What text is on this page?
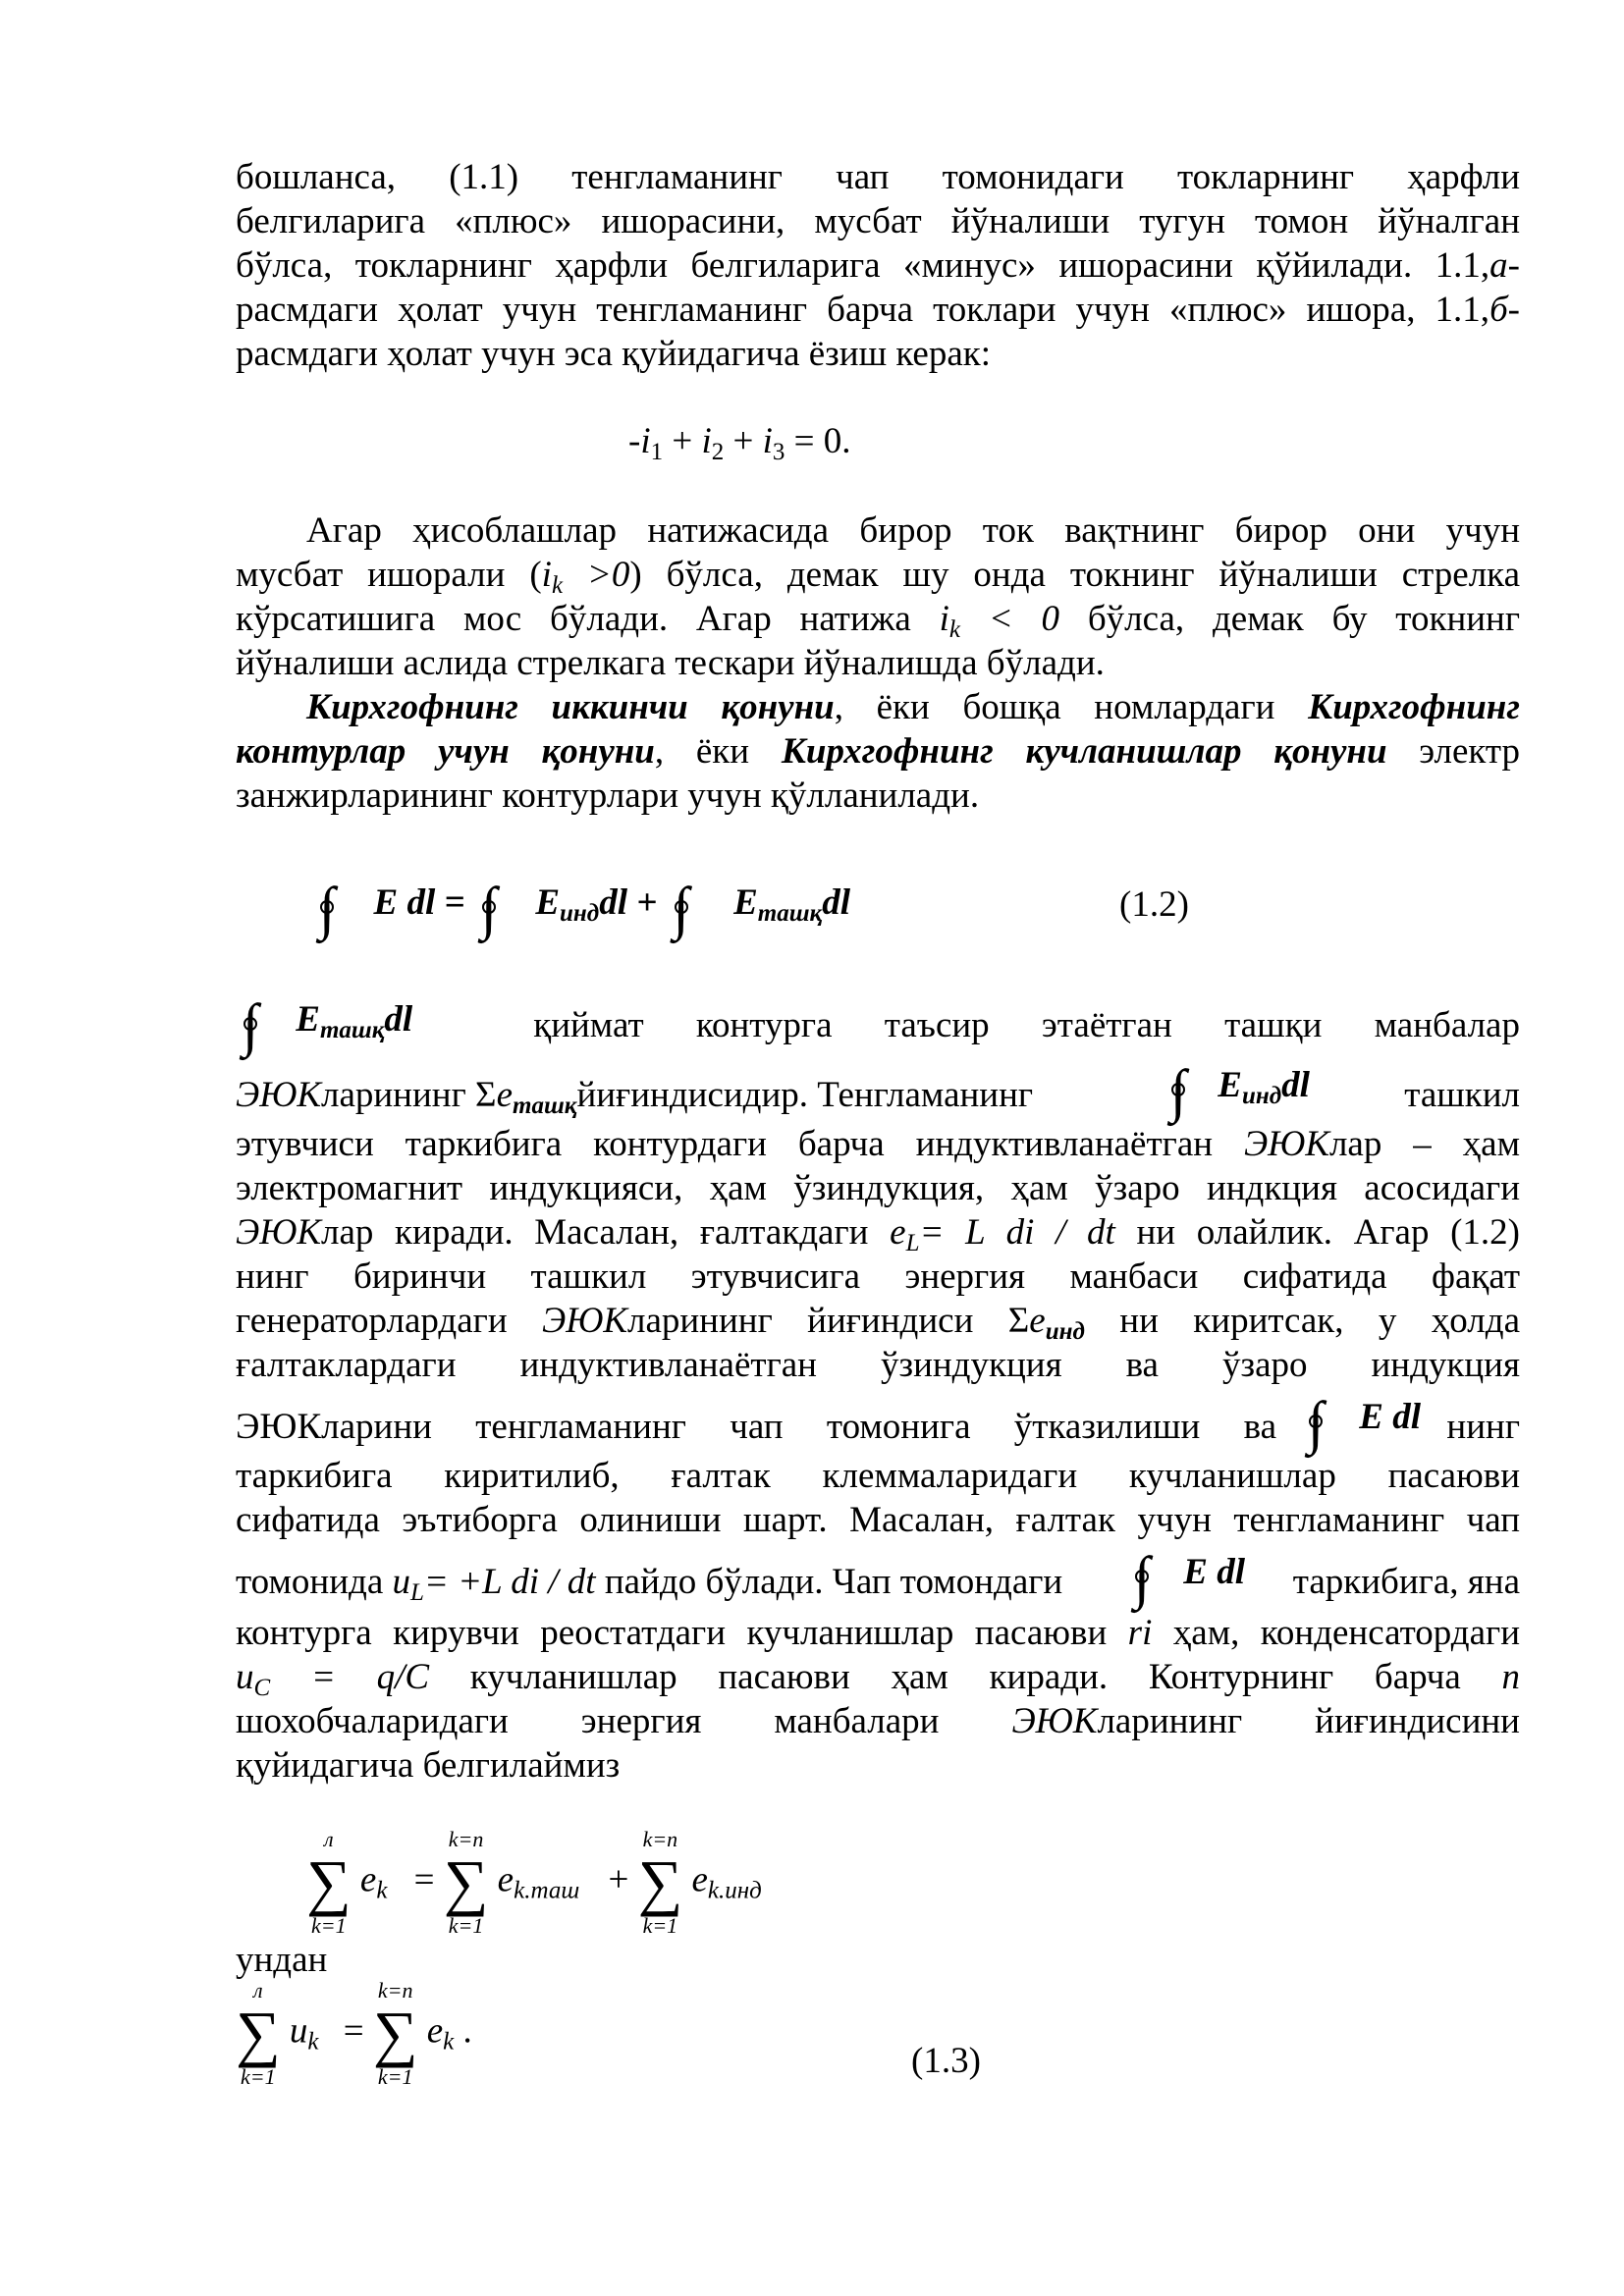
бошланса, (1.1) тенгламанинг чап томонидаги токларнинг ҳарфли
белгиларига «плюс» ишорасини, мусбат йўналиши тугун томон йўналган
бўлса, токларнинг ҳарфли белгиларига «минус» ишорасини қўйилади. 1.1,а-
расмдаги ҳолат учун тенгламанинг барча токлари учун «плюс» ишора, 1.1,б-
расмдаги ҳолат учун эса қуйидагича ёзиш керак:
$-i_1 + i_2 + i_3 = 0$.
Агар ҳисоблашлар натижасида бирор ток вақтнинг бирор они учун
мусбат ишорали $(i_k >0)$ бўлса, демак шу онда токнинг йўналиши стрелка
кўрсатишига мос бўлади. Агар натижа $i_k < 0$ бўлса, демак бу токнинг
йўналиши аслида стрелкага тескари йўналишда бўлади.
Кирхгофнинг иккинчи қонуни, ёки бошқа номлардаги Кирхгофнинг
контурлар учун қонуни, ёки Кирхгофнинг кучланишлар қонуни электр
занжирларининг контурлари учун қўлланилади.
∫ E dl = ∫ $E_{инд}dl$ + ∫ $E_{ташқ}dl$	(1.2)
∫ $E_{ташқ}dl$	қиймат контурга таъсир этаётган ташқи манбалар
ЭЮКларининг $\Sigma e_{ташқ}йиғиндисидир$. Тенгламанинг ∫ $E_{инд}dl$	ташкил
этувчиси таркибига контурдаги барча индуктивланаётган ЭЮКлар – ҳам
электромагнит индукцияси, ҳам ўзиндукция, ҳам ўзаро индкция асосидаги
ЭЮКлар киради. Масалан, ғалтакдаги $e_L= L$ di / dt ни олайлик. Агар (1.2)
нинг биринчи ташкил этувчисига энергия манбаси сифатида фақат
генераторлардаги ЭЮКларининг йиғиндиси $\Sigma e_{инд}$ ни киритсак, у ҳолда
ғалтаклардаги индуктивланаётган ўзиндукция ва ўзаро индукция
ЭЮКларини тенгламанинг чап томонига ўтказилиши ва ∫ E dl нинг
таркибига киритилиб, ғалтак клеммаларидаги кучланишлар пасаюви
сифатида эътиборга олиниши шарт. Масалан, ғалтак учун тенгламанинг чап
томонида $u_L= +L$ di / dt пайдо бўлади. Чап томондаги ∫ E dl таркибига, яна
контурга кирувчи реостатдаги кучланишлар пасаюви ri ҳам, конденсатордаги
$u_C = q/C$ кучланишлар пасаюви ҳам киради. Контурнинг барча n
шохобчаларидаги энергия манбалари ЭЮКларининг йиғиндисини
қуйидагича белгилаймиз
л
∑
k=1
$e_k$ =
k=n
∑
k=1
$e_{k.таш}$ +
k=n
∑
k=1
$e_{k.инд}$
ундан
л
∑
k=1
$u_k$ =
k=n
∑
k=1
$e_k$ .
(1.3)
